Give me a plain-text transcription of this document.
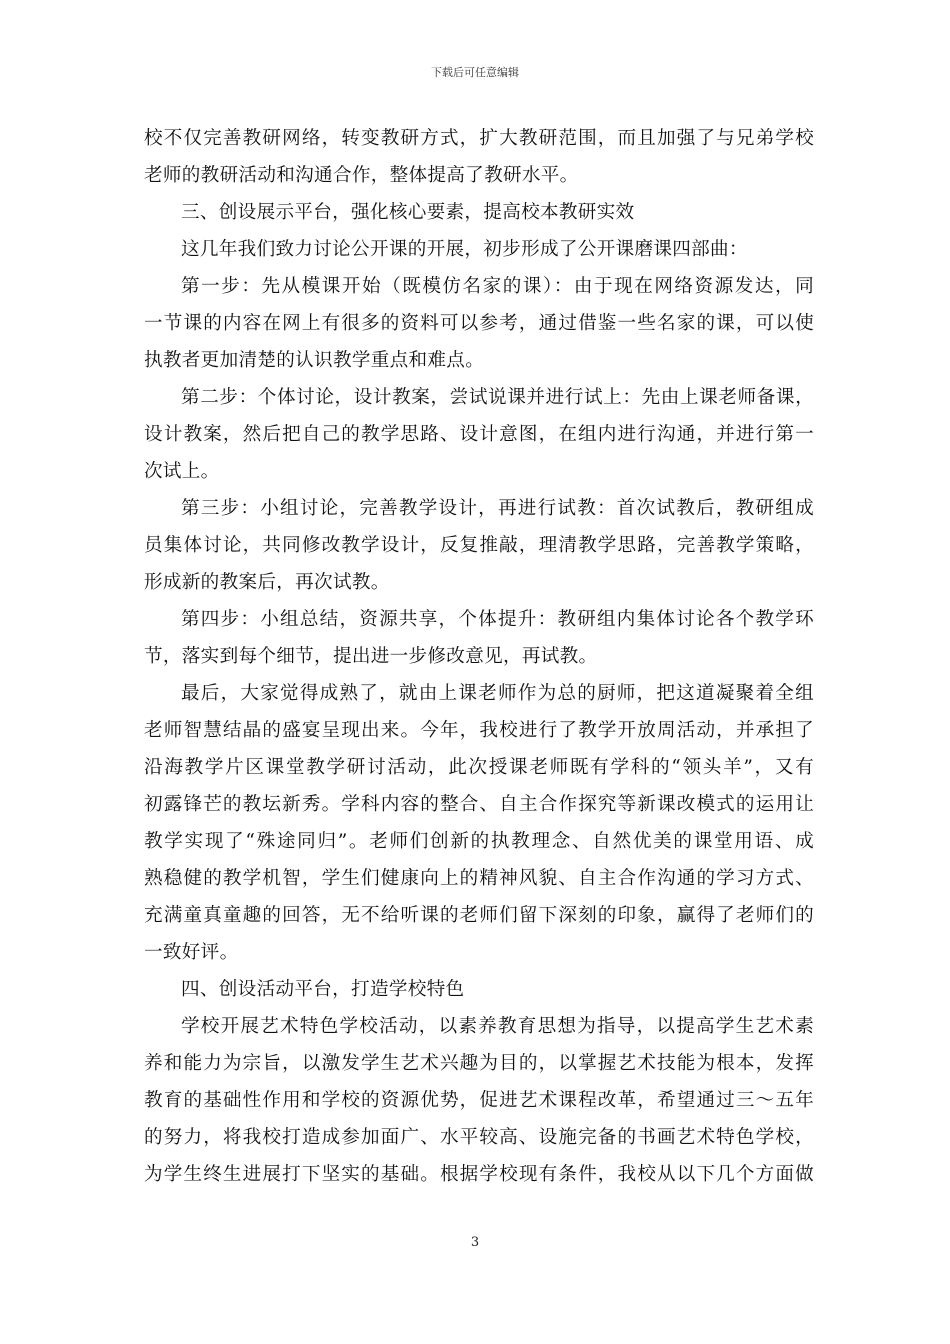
下载后可任意编辑
校不仅完善教研网络，转变教研方式，扩大教研范围，而且加强了与兄弟学校
老师的教研活动和沟通合作，整体提高了教研水平。
三、创设展示平台，强化核心要素，提高校本教研实效
这几年我们致力讨论公开课的开展，初步形成了公开课磨课四部曲：
第一步：先从模课开始（既模仿名家的课）：由于现在网络资源发达，同
一节课的内容在网上有很多的资料可以参考，通过借鉴一些名家的课，可以使
执教者更加清楚的认识教学重点和难点。
第二步：个体讨论，设计教案，尝试说课并进行试上：先由上课老师备课，
设计教案，然后把自己的教学思路、设计意图，在组内进行沟通，并进行第一
次试上。
第三步：小组讨论，完善教学设计，再进行试教：首次试教后，教研组成
员集体讨论，共同修改教学设计，反复推敲，理清教学思路，完善教学策略，
形成新的教案后，再次试教。
第四步：小组总结，资源共享，个体提升：教研组内集体讨论各个教学环
节，落实到每个细节，提出进一步修改意见，再试教。
最后，大家觉得成熟了，就由上课老师作为总的厨师，把这道凝聚着全组
老师智慧结晶的盛宴呈现出来。今年，我校进行了教学开放周活动，并承担了
沿海教学片区课堂教学研讨活动，此次授课老师既有学科的“领头羊”，又有
初露锋芒的教坛新秀。学科内容的整合、自主合作探究等新课改模式的运用让
教学实现了“殊途同归”。老师们创新的执教理念、自然优美的课堂用语、成
熟稳健的教学机智，学生们健康向上的精神风貌、自主合作沟通的学习方式、
充满童真童趣的回答，无不给听课的老师们留下深刻的印象，赢得了老师们的
一致好评。
四、创设活动平台，打造学校特色
学校开展艺术特色学校活动，以素养教育思想为指导，以提高学生艺术素
养和能力为宗旨，以激发学生艺术兴趣为目的，以掌握艺术技能为根本，发挥
教育的基础性作用和学校的资源优势，促进艺术课程改革，希望通过三～五年
的努力，将我校打造成参加面广、水平较高、设施完备的书画艺术特色学校，
为学生终生进展打下坚实的基础。根据学校现有条件，我校从以下几个方面做
3
